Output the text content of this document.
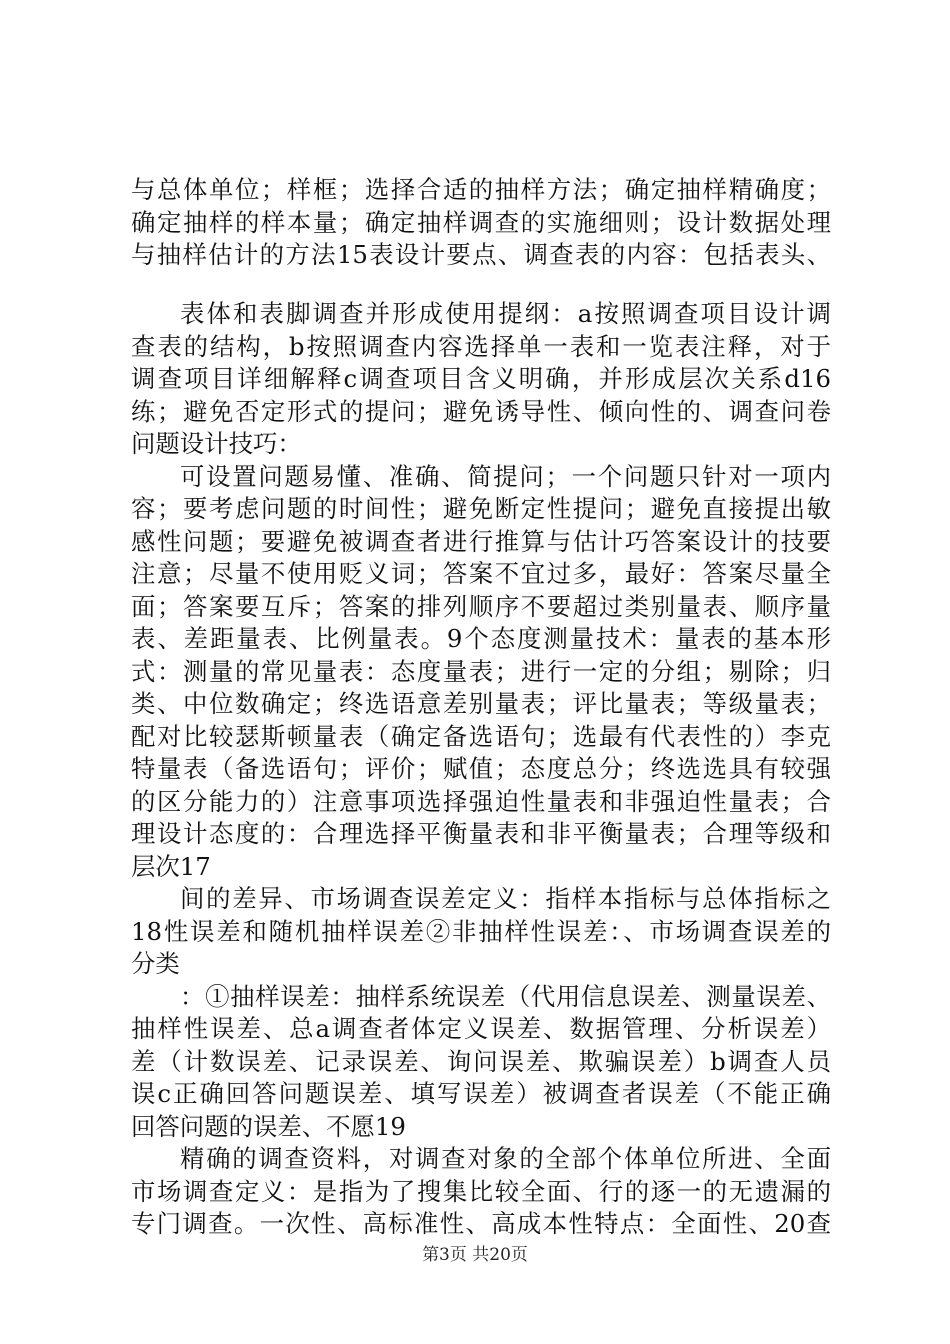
与总体单位；样框；选择合适的抽样方法；确定抽样精确度；
确定抽样的样本量；确定抽样调查的实施细则；设计数据处理
与抽样估计的方法15表设计要点、调查表的内容：包括表头、
表体和表脚调查并形成使用提纲：a按照调查项目设计调
查表的结构，b按照调查内容选择单一表和一览表注释，对于
调查项目详细解释c调查项目含义明确，并形成层次关系d16
练；避免否定形式的提问；避免诱导性、倾向性的、调查问卷
问题设计技巧：
可设置问题易懂、准确、简提问；一个问题只针对一项内
容；要考虑问题的时间性；避免断定性提问；避免直接提出敏
感性问题；要避免被调查者进行推算与估计巧答案设计的技要
注意；尽量不使用贬义词；答案不宜过多，最好：答案尽量全
面；答案要互斥；答案的排列顺序不要超过类别量表、顺序量
表、差距量表、比例量表。9个态度测量技术：量表的基本形
式：测量的常见量表：态度量表；进行一定的分组；剔除；归
类、中位数确定；终选语意差别量表；评比量表；等级量表；
配对比较瑟斯顿量表（确定备选语句；选最有代表性的）李克
特量表（备选语句；评价；赋值；态度总分；终选选具有较强
的区分能力的）注意事项选择强迫性量表和非强迫性量表；合
理设计态度的：合理选择平衡量表和非平衡量表；合理等级和
层次17
间的差异、市场调查误差定义：指样本指标与总体指标之
18性误差和随机抽样误差②非抽样性误差：、市场调查误差的
分类
：①抽样误差：抽样系统误差（代用信息误差、测量误差、
抽样性误差、总a调查者体定义误差、数据管理、分析误差）
差（计数误差、记录误差、询问误差、欺骗误差）b调查人员
误c正确回答问题误差、填写误差）被调查者误差（不能正确
回答问题的误差、不愿19
精确的调查资料，对调查对象的全部个体单位所进、全面
市场调查定义：是指为了搜集比较全面、行的逐一的无遗漏的
专门调查。一次性、高标准性、高成本性特点：全面性、20查
第3页 共20页
